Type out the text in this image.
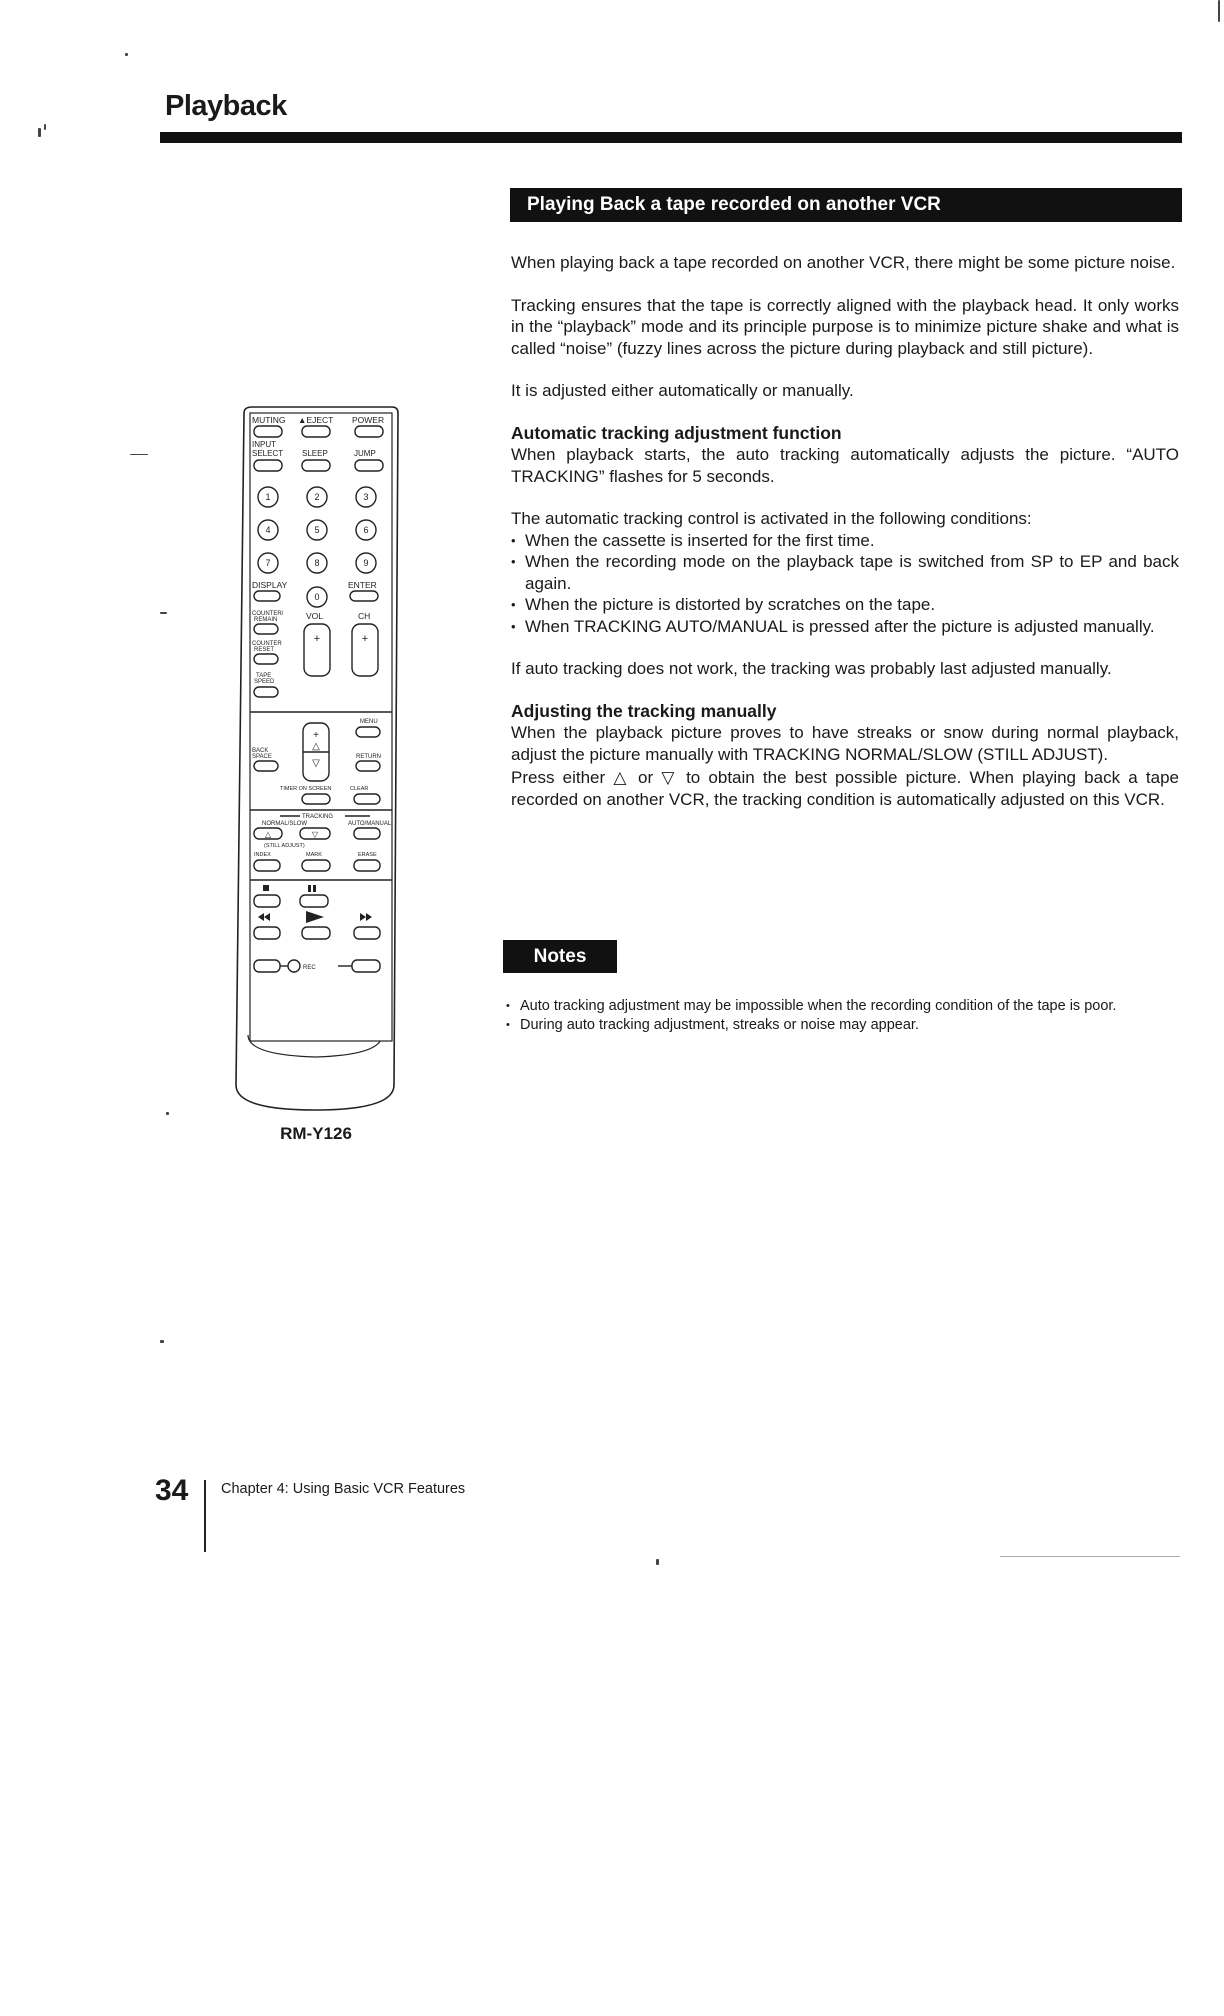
Playback
Playing Back a tape recorded on another VCR

When playing back a tape recorded on another VCR, there might be some picture noise.

Tracking ensures that the tape is correctly aligned with the playback head. It only works in the “playback” mode and its principle purpose is to minimize picture shake and what is called “noise” (fuzzy lines across the picture during playback and still picture).

It is adjusted either automatically or manually.

Automatic tracking adjustment function

When playback starts, the auto tracking automatically adjusts the picture. “AUTO TRACKING” flashes for 5 seconds.

The automatic tracking control is activated in the following conditions:

• When the cassette is inserted for the first time.
• When the recording mode on the playback tape is switched from SP to EP and back again.
• When the picture is distorted by scratches on the tape.
• When TRACKING AUTO/MANUAL is pressed after the picture is adjusted manually.

If auto tracking does not work, the tracking was probably last adjusted manually.

Adjusting the tracking manually

When the playback picture proves to have streaks or snow during normal playback, adjust the picture manually with TRACKING NORMAL/SLOW (STILL ADJUST).

Press either △ or ▽ to obtain the best possible picture. When playing back a tape recorded on another VCR, the tracking condition is automatically adjusted on this VCR.

Notes
• Auto tracking adjustment may be impossible when the recording condition of the tape is poor.
• During auto tracking adjustment, streaks or noise may appear.
MUTING ▲EJECT POWER
INPUT
SELECT SLEEP	JUMP
1	2	3
4	5	6
7	8	9
0
DISPLAY	ENTER
COUNTER/
REMAIN	VOL	CH
+	+
COUNTER
RESET
TAPE
SPEED
MENU
BACK
SPACE	RETURN
+
△
▽
TIMER ON SCREEN	CLEAR
TRACKING
NORMAL/SLOW	AUTO/MANUAL
△	▽
(STILL ADJUST)
INDEX	MARK	ERASE
REC
RM-Y126
34 Chapter 4: Using Basic VCR Features
